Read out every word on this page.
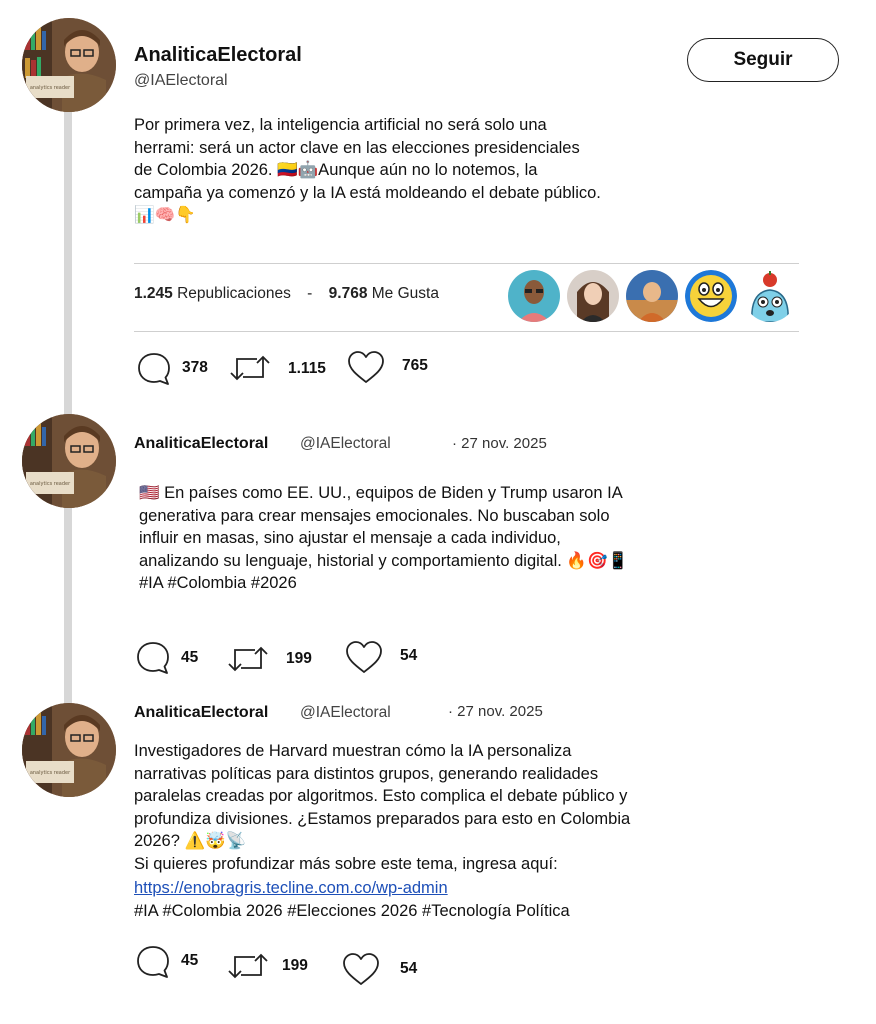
analytics reader
AnaliticaElectoral
@IAElectoral
Seguir
Por primera vez, la inteligencia artificial no será solo una
herrami: será un actor clave en las elecciones presidenciales
de Colombia 2026. 🇨🇴🤖Aunque aún no lo notemos, la
campaña ya comenzó y la IA está moldeando el debate público.
📊🧠👇
1.245 Republicaciones - 9.768 Me Gusta
378	1.115	765
analytics reader
AnaliticaElectoral @IAElectoral	· 27 nov. 2025
🇺🇸 En países como EE. UU., equipos de Biden y Trump usaron IA
generativa para crear mensajes emocionales. No buscaban solo
influir en masas, sino ajustar el mensaje a cada individuo,
analizando su lenguaje, historial y comportamiento digital. 🔥🎯📱
#IA #Colombia #2026
45	199	54
analytics reader
AnaliticaElectoral @IAElectoral	· 27 nov. 2025
Investigadores de Harvard muestran cómo la IA personaliza
narrativas políticas para distintos grupos, generando realidades
paralelas creadas por algoritmos. Esto complica el debate público y
profundiza divisiones. ¿Estamos preparados para esto en Colombia
2026? ⚠️🤯📡
Si quieres profundizar más sobre este tema, ingresa aquí:
https://enobragris.tecline.com.co/wp-admin
#IA #Colombia 2026 #Elecciones 2026 #Tecnología Política
45	199	54
